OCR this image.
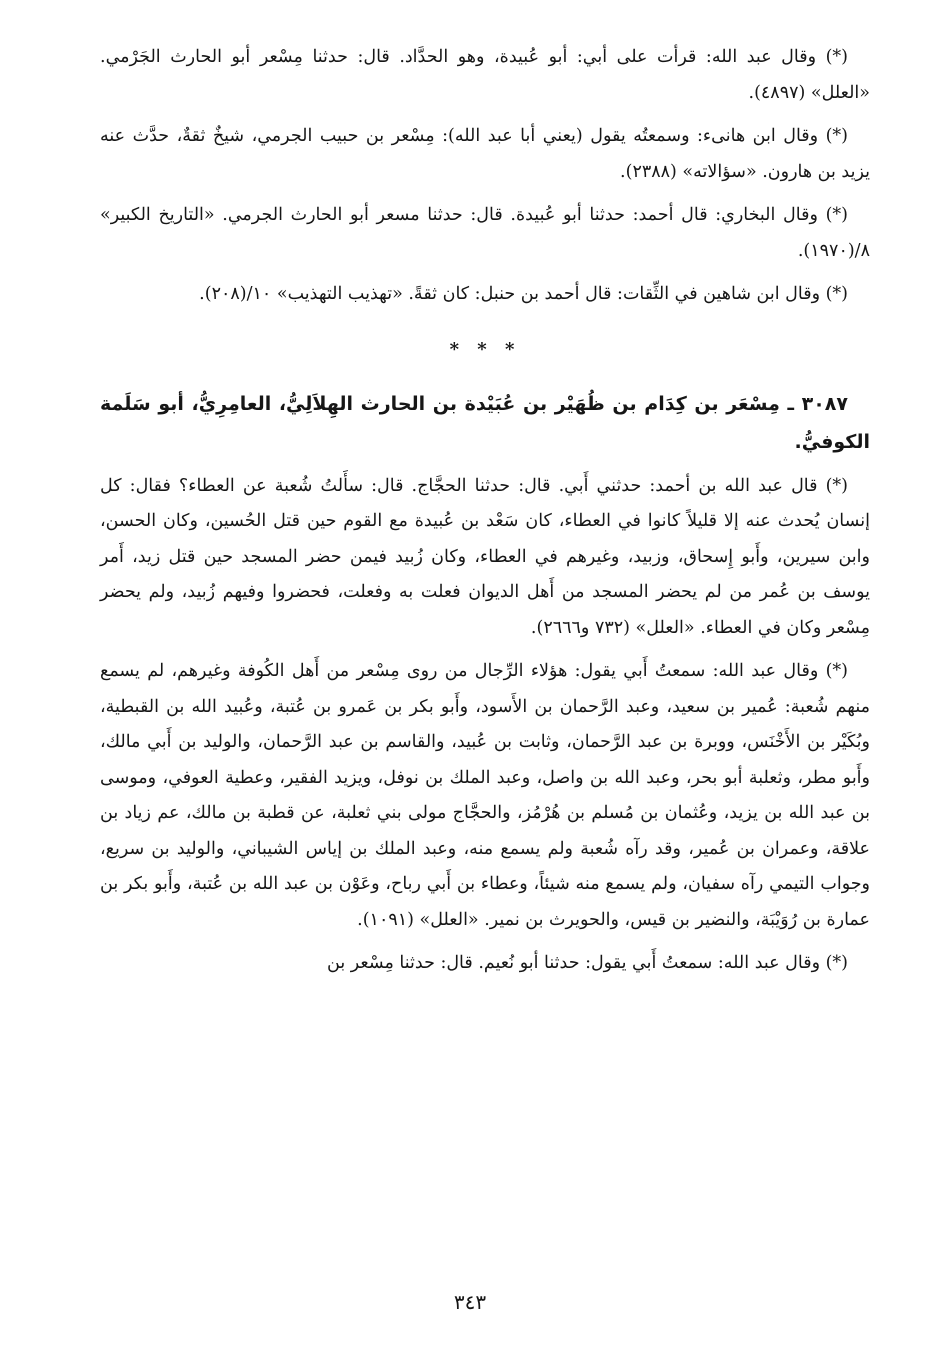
(*) وقال عبد الله: قرأت على أبي: أبو عُبيدة، وهو الحدَّاد. قال: حدثنا مِسْعر أبو الحارث الجَرْمي. «العلل» (٤٨٩٧).

(*) وقال ابن هانىء: وسمعتُه يقول (يعني أبا عبد الله): مِسْعر بن حبيب الجرمي، شيخٌ ثقةٌ، حدَّث عنه يزيد بن هارون. «سؤالاته» (٢٣٨٨).

(*) وقال البخاري: قال أحمد: حدثنا أبو عُبيدة. قال: حدثنا مسعر أبو الحارث الجرمي. «التاريخ الكبير» ٨/(١٩٧٠).

(*) وقال ابن شاهين في الثِّقات: قال أحمد بن حنبل: كان ثقةً. «تهذيب التهذيب» ١٠/(٢٠٨).

* * *

٣٠٨٧ ـ مِسْعَر بن كِدَام بن ظُهَيْر بن عُبَيْدة بن الحارث الهِلاَلِيُّ، العامِرِيُّ، أبو سَلَمة الكوفيُّ.

(*) قال عبد الله بن أحمد: حدثني أَبي. قال: حدثنا الحجَّاج. قال: سأَلتُ شُعبة عن العطاء؟ فقال: كل إنسان يُحدث عنه إلا قليلاً كانوا في العطاء، كان سَعْد بن عُبيدة مع القوم حين قتل الحُسين، وكان الحسن، وابن سيرين، وأَبو إِسحاق، وزبيد، وغيرهم في العطاء، وكان زُبيد فيمن حضر المسجد حين قتل زيد، أَمر يوسف بن عُمر من لم يحضر المسجد من أَهل الديوان فعلت به وفعلت، فحضروا وفيهم زُبيد، ولم يحضر مِسْعر وكان في العطاء. «العلل» (٧٣٢ و٢٦٦٦).

(*) وقال عبد الله: سمعتُ أَبي يقول: هؤلاء الرِّجال من روى مِسْعر من أَهل الكُوفة وغيرهم، لم يسمع منهم شُعبة: عُمير بن سعيد، وعبد الرَّحمان بن الأَسود، وأَبو بكر بن عَمرو بن عُتبة، وعُبيد الله بن القبطية، وبُكَيْر بن الأَخْنَس، ووبرة بن عبد الرَّحمان، وثابت بن عُبيد، والقاسم بن عبد الرَّحمان، والوليد بن أَبي مالك، وأَبو مطر، وثعلبة أبو بحر، وعبد الله بن واصل، وعبد الملك بن نوفل، ويزيد الفقير، وعطية العوفي، وموسى بن عبد الله بن يزيد، وعُثمان بن مُسلم بن هُرْمُز، والحجَّاج مولى بني ثعلبة، عن قطبة بن مالك، عم زياد بن علاقة، وعمران بن عُمير، وقد رآه شُعبة ولم يسمع منه، وعبد الملك بن إياس الشيباني، والوليد بن سريع، وجواب التيمي رآه سفيان، ولم يسمع منه شيئاً، وعطاء بن أَبي رباح، وعَوْن بن عبد الله بن عُتبة، وأَبو بكر بن عمارة بن رُوَيْبَة، والنضير بن قيس، والحويرث بن نمير. «العلل» (١٠٩١).

(*) وقال عبد الله: سمعتُ أَبي يقول: حدثنا أبو نُعيم. قال: حدثنا مِسْعر بن

٣٤٣
